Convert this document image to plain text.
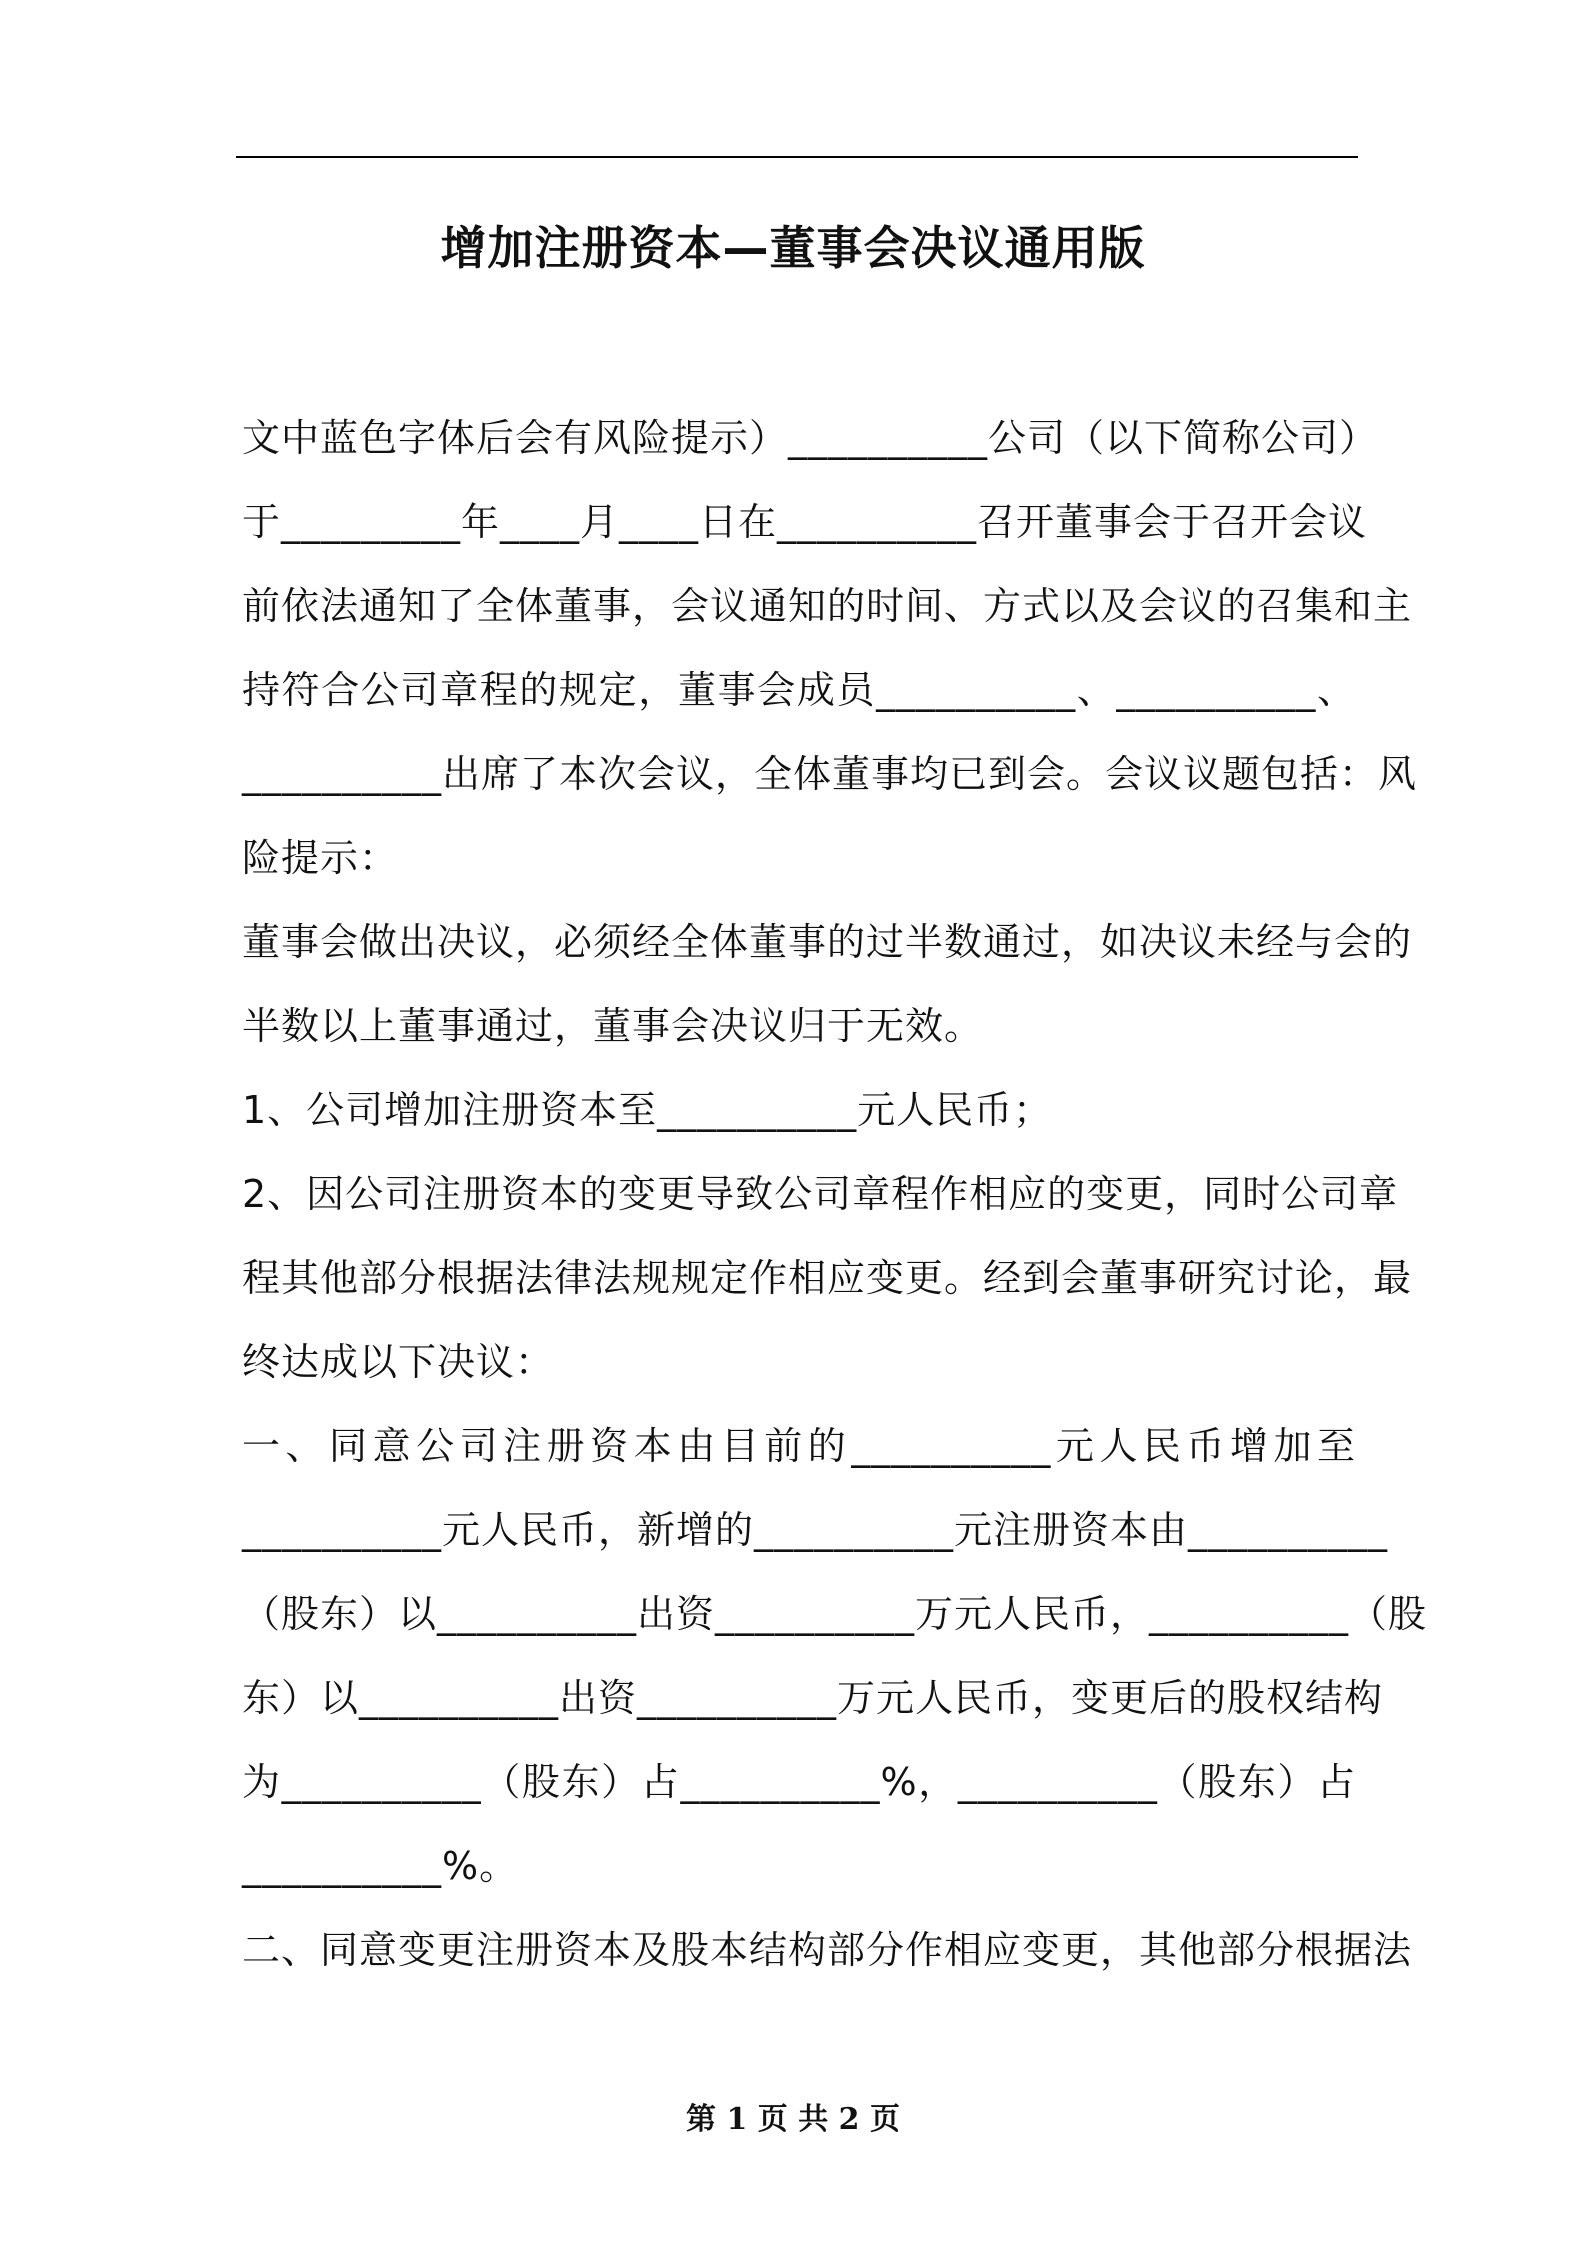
增加注册资本—董事会决议通用版
文中蓝色字体后会有风险提示）__________公司（以下简称公司）
于_________年____月____日在__________召开董事会于召开会议
前依法通知了全体董事，会议通知的时间、方式以及会议的召集和主
持符合公司章程的规定，董事会成员__________、__________、
__________出席了本次会议，全体董事均已到会。会议议题包括：风
险提示：
董事会做出决议，必须经全体董事的过半数通过，如决议未经与会的
半数以上董事通过，董事会决议归于无效。
1、公司增加注册资本至__________元人民币；
2、因公司注册资本的变更导致公司章程作相应的变更，同时公司章
程其他部分根据法律法规规定作相应变更。经到会董事研究讨论，最
终达成以下决议：
一、同意公司注册资本由目前的__________元人民币增加至
__________元人民币，新增的__________元注册资本由__________
（股东）以__________出资__________万元人民币，__________（股
东）以__________出资__________万元人民币，变更后的股权结构
为__________（股东）占__________%，__________（股东）占
__________%。
二、同意变更注册资本及股本结构部分作相应变更，其他部分根据法
第 1 页 共 2 页
